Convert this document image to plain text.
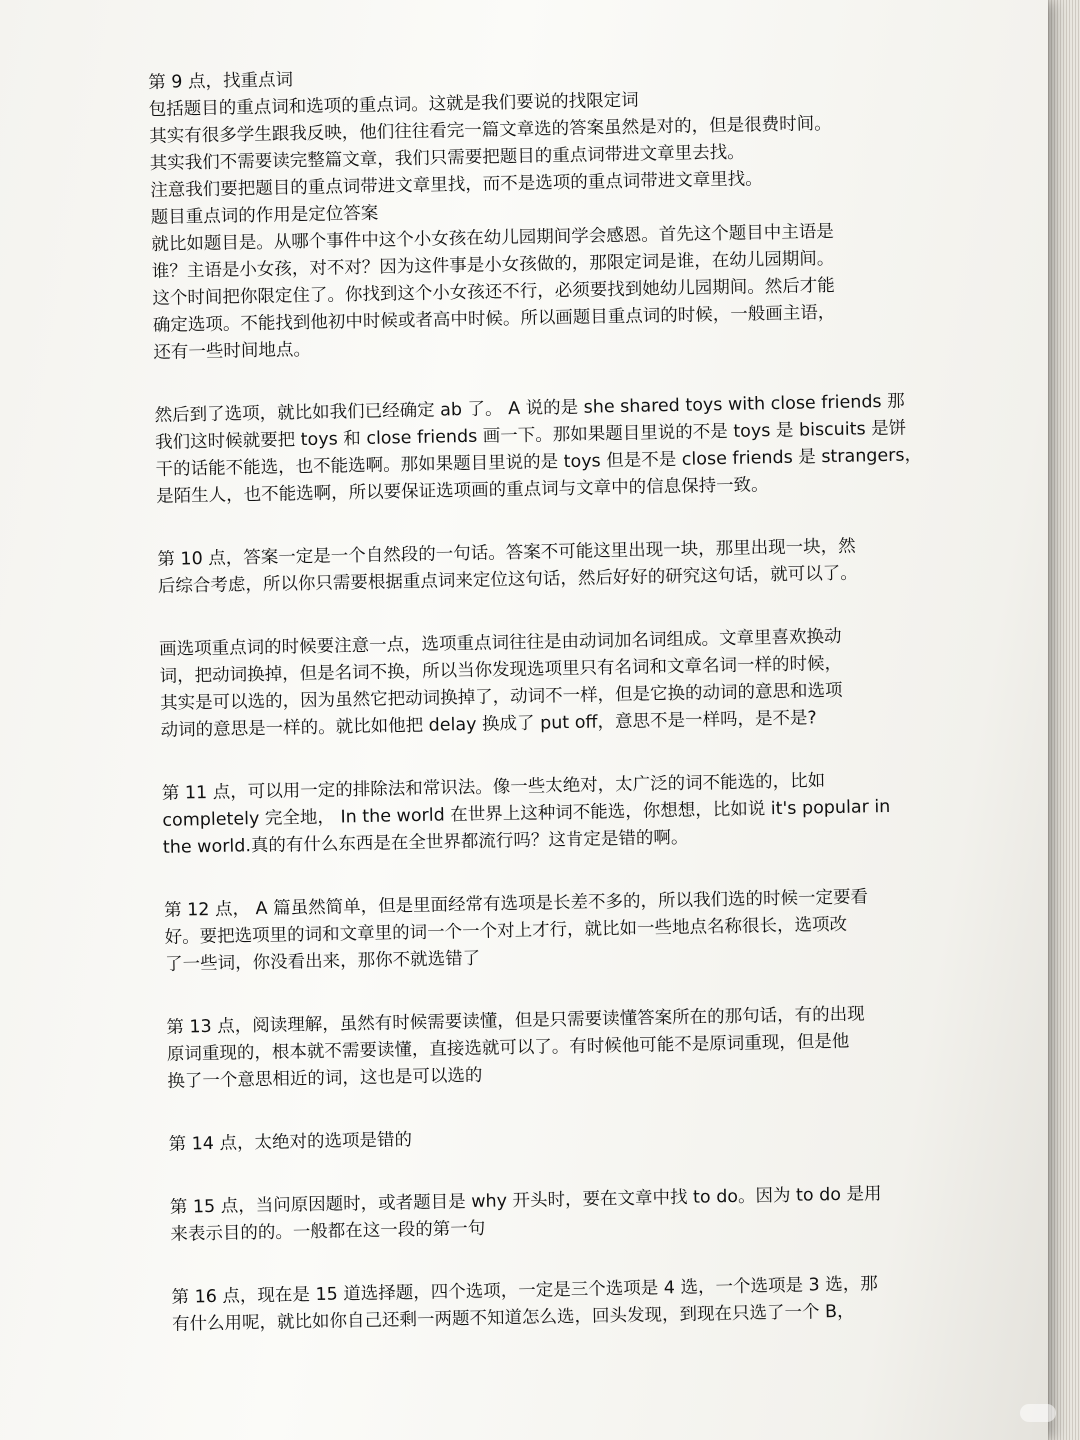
第 9 点，找重点词
包括题目的重点词和选项的重点词。这就是我们要说的找限定词
其实有很多学生跟我反映，他们往往看完一篇文章选的答案虽然是对的，但是很费时间。
其实我们不需要读完整篇文章，我们只需要把题目的重点词带进文章里去找。
注意我们要把题目的重点词带进文章里找，而不是选项的重点词带进文章里找。
题目重点词的作用是定位答案
就比如题目是。从哪个事件中这个小女孩在幼儿园期间学会感恩。首先这个题目中主语是
谁？主语是小女孩，对不对？因为这件事是小女孩做的，那限定词是谁，在幼儿园期间。
这个时间把你限定住了。你找到这个小女孩还不行，必须要找到她幼儿园期间。然后才能
确定选项。不能找到他初中时候或者高中时候。所以画题目重点词的时候，一般画主语，
还有一些时间地点。
然后到了选项，就比如我们已经确定 ab 了。 A 说的是 she shared toys with close friends 那
我们这时候就要把 toys 和 close friends 画一下。那如果题目里说的不是 toys 是 biscuits 是饼
干的话能不能选，也不能选啊。那如果题目里说的是 toys 但是不是 close friends 是 strangers，
是陌生人，也不能选啊，所以要保证选项画的重点词与文章中的信息保持一致。
第 10 点，答案一定是一个自然段的一句话。答案不可能这里出现一块，那里出现一块，然
后综合考虑，所以你只需要根据重点词来定位这句话，然后好好的研究这句话，就可以了。
画选项重点词的时候要注意一点，选项重点词往往是由动词加名词组成。文章里喜欢换动
词，把动词换掉，但是名词不换，所以当你发现选项里只有名词和文章名词一样的时候，
其实是可以选的，因为虽然它把动词换掉了，动词不一样，但是它换的动词的意思和选项
动词的意思是一样的。就比如他把 delay 换成了 put off，意思不是一样吗，是不是?
第 11 点，可以用一定的排除法和常识法。像一些太绝对，太广泛的词不能选的，比如
completely 完全地， In the world 在世界上这种词不能选，你想想，比如说 it's popular in
the world.真的有什么东西是在全世界都流行吗？这肯定是错的啊。
第 12 点， A 篇虽然简单，但是里面经常有选项是长差不多的，所以我们选的时候一定要看
好。要把选项里的词和文章里的词一个一个对上才行，就比如一些地点名称很长，选项改
了一些词，你没看出来，那你不就选错了
第 13 点，阅读理解，虽然有时候需要读懂，但是只需要读懂答案所在的那句话，有的出现
原词重现的，根本就不需要读懂，直接选就可以了。有时候他可能不是原词重现，但是他
换了一个意思相近的词，这也是可以选的
第 14 点，太绝对的选项是错的
第 15 点，当问原因题时，或者题目是 why 开头时，要在文章中找 to do。因为 to do 是用
来表示目的的。一般都在这一段的第一句
第 16 点，现在是 15 道选择题，四个选项，一定是三个选项是 4 选，一个选项是 3 选，那
有什么用呢，就比如你自己还剩一两题不知道怎么选，回头发现，到现在只选了一个 B，
